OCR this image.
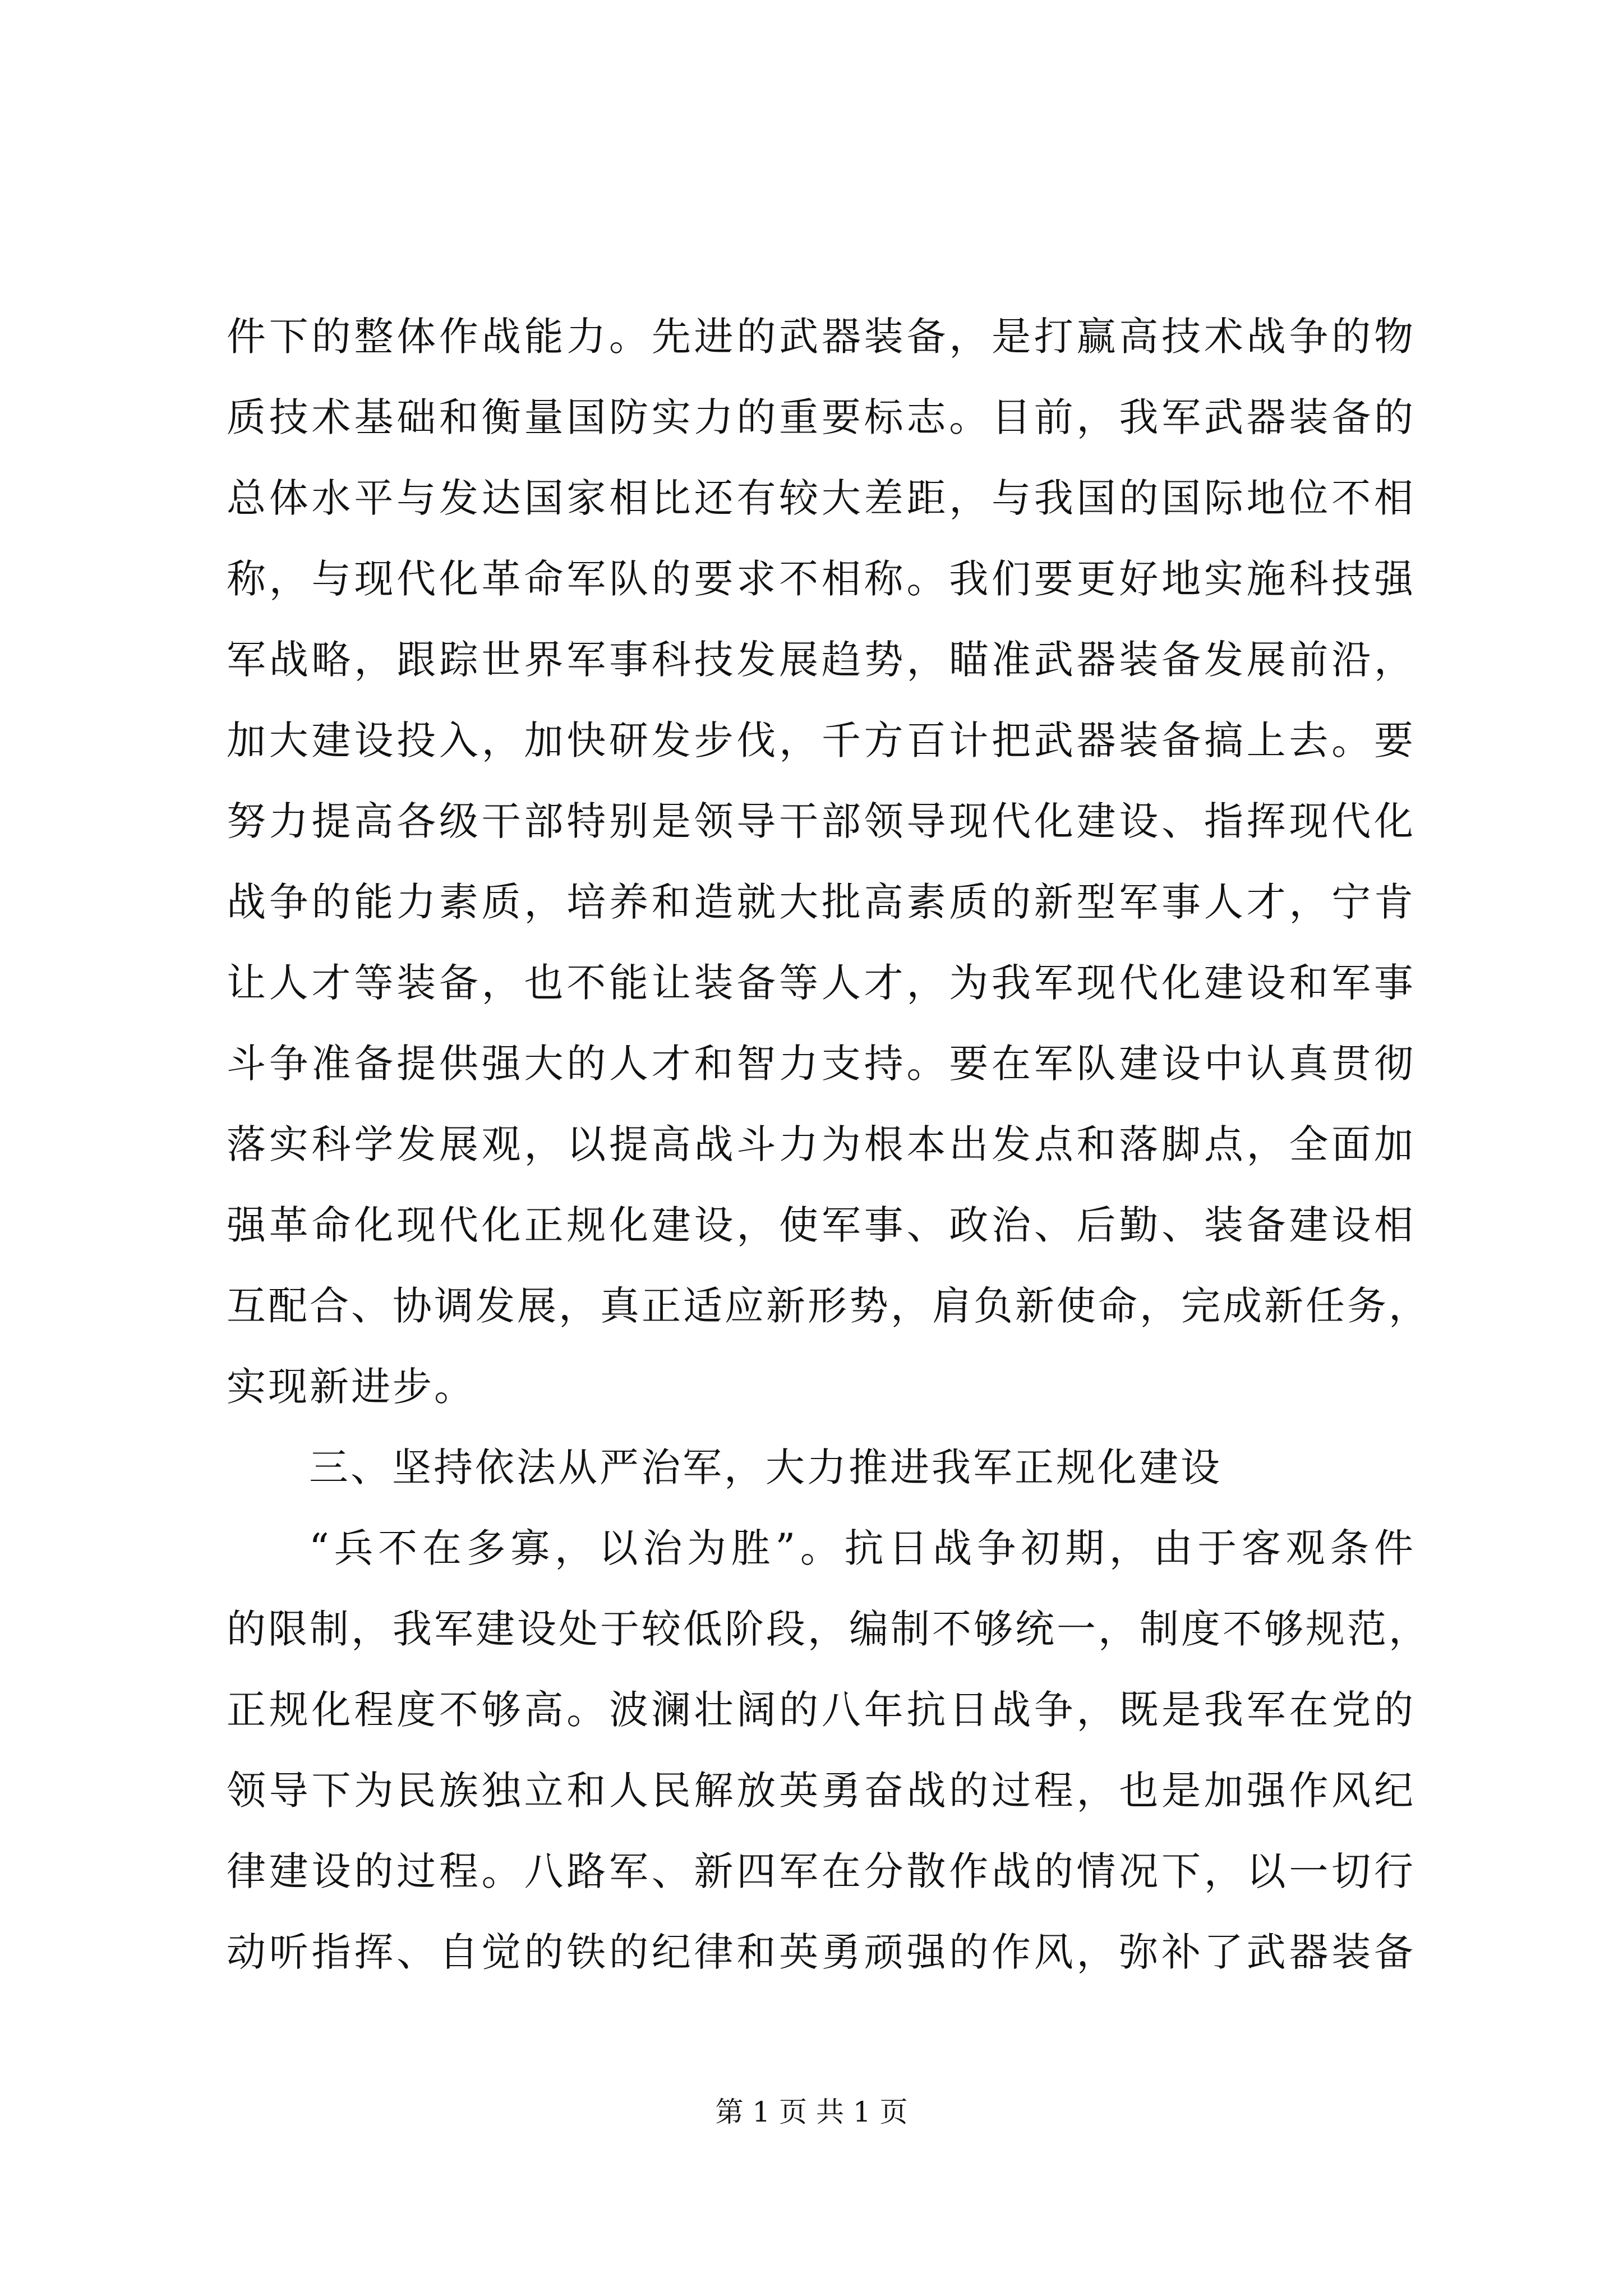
件下的整体作战能力。先进的武器装备，是打赢高技术战争的物
质技术基础和衡量国防实力的重要标志。目前，我军武器装备的
总体水平与发达国家相比还有较大差距，与我国的国际地位不相
称，与现代化革命军队的要求不相称。我们要更好地实施科技强
军战略，跟踪世界军事科技发展趋势，瞄准武器装备发展前沿，
加大建设投入，加快研发步伐，千方百计把武器装备搞上去。要
努力提高各级干部特别是领导干部领导现代化建设、指挥现代化
战争的能力素质，培养和造就大批高素质的新型军事人才，宁肯
让人才等装备，也不能让装备等人才，为我军现代化建设和军事
斗争准备提供强大的人才和智力支持。要在军队建设中认真贯彻
落实科学发展观，以提高战斗力为根本出发点和落脚点，全面加
强革命化现代化正规化建设，使军事、政治、后勤、装备建设相
互配合、协调发展，真正适应新形势，肩负新使命，完成新任务，
实现新进步。
三、坚持依法从严治军，大力推进我军正规化建设
“兵不在多寡，以治为胜”。抗日战争初期，由于客观条件
的限制，我军建设处于较低阶段，编制不够统一，制度不够规范，
正规化程度不够高。波澜壮阔的八年抗日战争，既是我军在党的
领导下为民族独立和人民解放英勇奋战的过程，也是加强作风纪
律建设的过程。八路军、新四军在分散作战的情况下，以一切行
动听指挥、自觉的铁的纪律和英勇顽强的作风，弥补了武器装备
第 1 页 共 1 页
